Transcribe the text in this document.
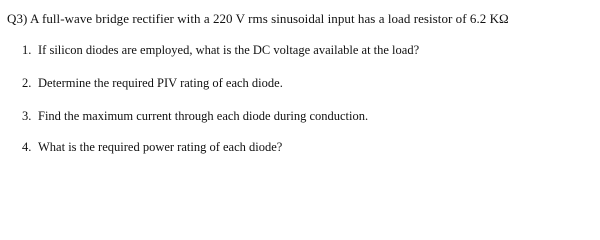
Q3) A full-wave bridge rectifier with a 220 V rms sinusoidal input has a load resistor of 6.2 KΩ
1. If silicon diodes are employed, what is the DC voltage available at the load?
2. Determine the required PIV rating of each diode.
3. Find the maximum current through each diode during conduction.
4. What is the required power rating of each diode?
